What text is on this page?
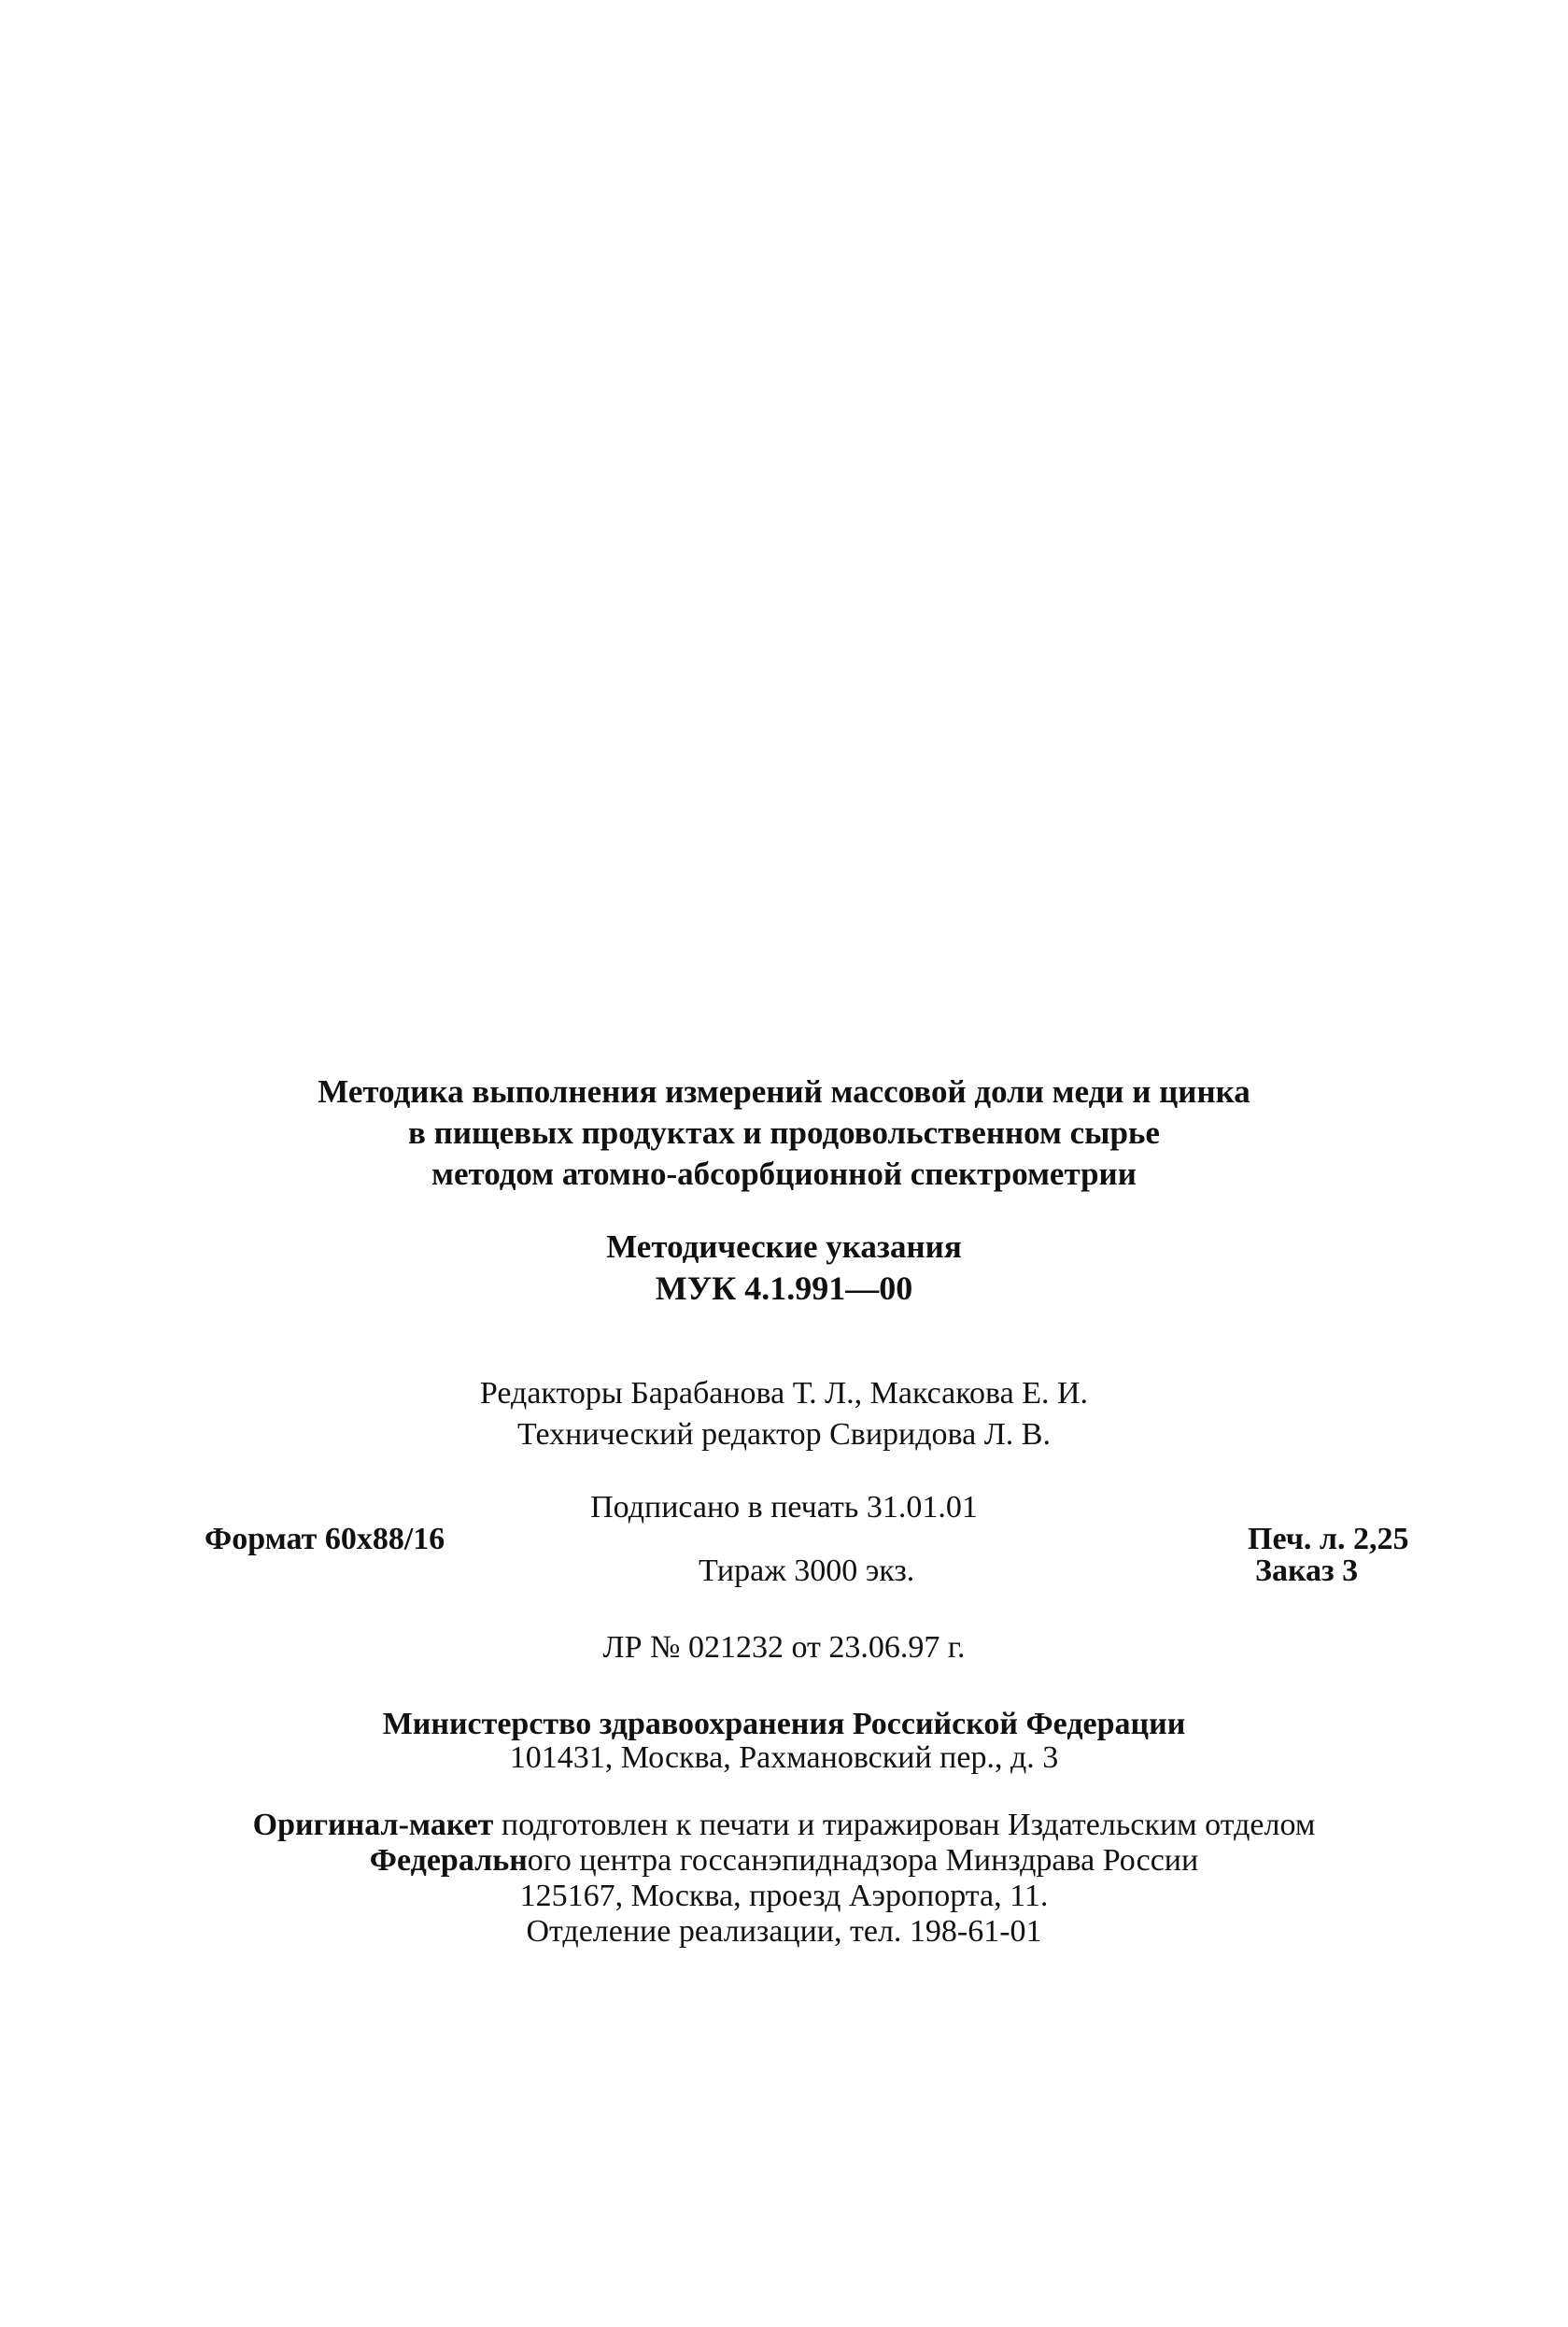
Методика выполнения измерений массовой доли меди и цинка
в пищевых продуктах и продовольственном сырье
методом атомно-абсорбционной спектрометрии
Методические указания
МУК 4.1.991—00
Редакторы Барабанова Т. Л., Максакова Е. И.
Технический редактор Свиридова Л. В.
Подписано в печать 31.01.01
Формат 60х88/16	Печ. л. 2,25
Тираж 3000 экз.	Заказ 3
ЛР № 021232 от 23.06.97 г.
Министерство здравоохранения Российской Федерации
101431, Москва, Рахмановский пер., д. 3
Оригинал-макет подготовлен к печати и тиражирован Издательским отделом
Федерального центра госсанэпиднадзора Минздрава России
125167, Москва, проезд Аэропорта, 11.
Отделение реализации, тел. 198-61-01
